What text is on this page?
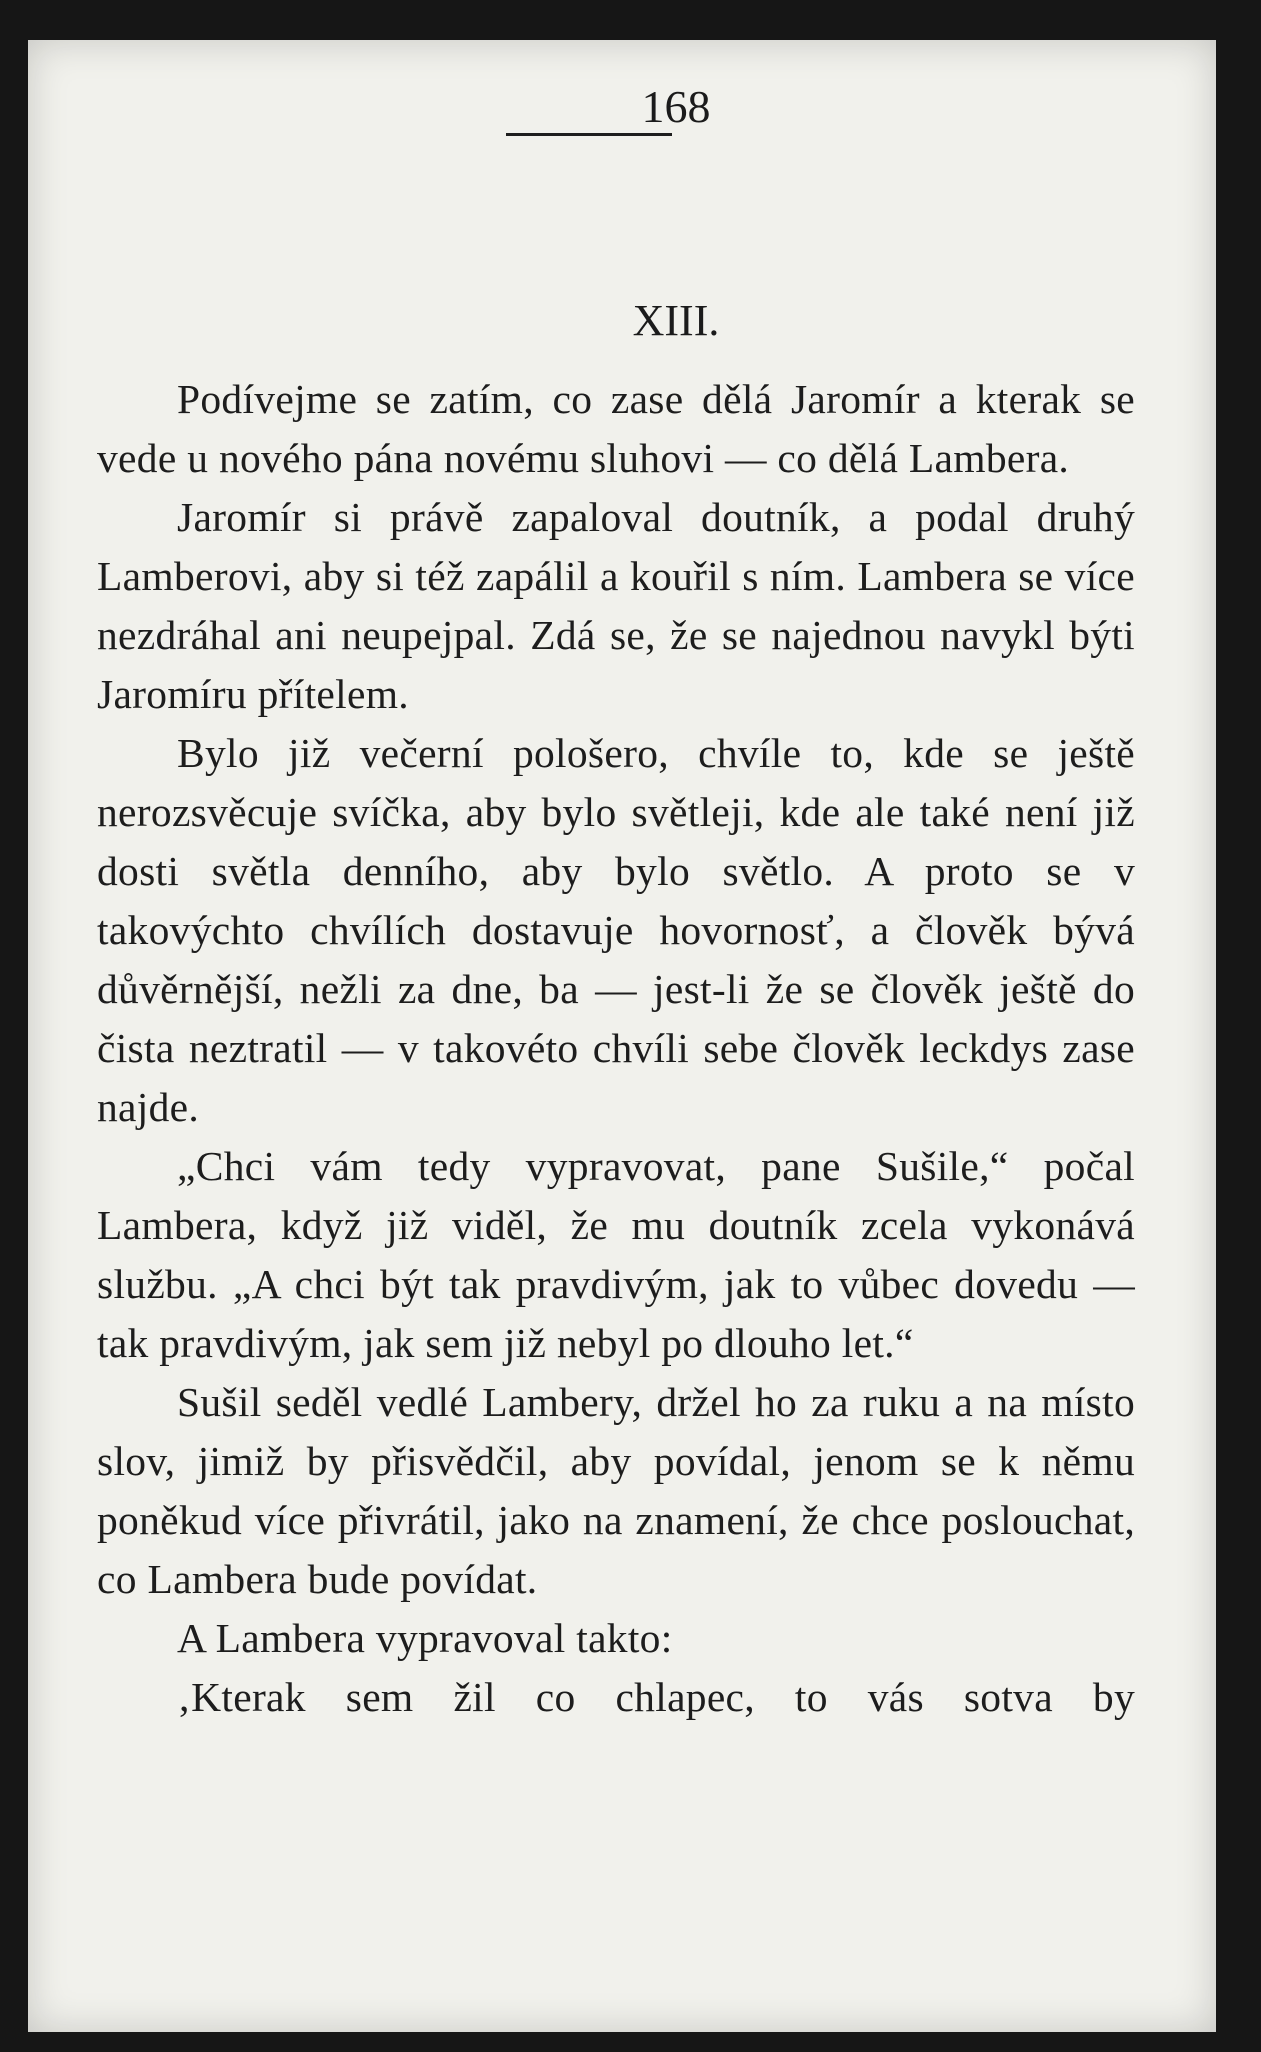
168
XIII.

Podívejme se zatím, co zase dělá Jaromír a kterak se vede u nového pána novému sluhovi — co dělá Lambera.

Jaromír si právě zapaloval doutník, a podal druhý Lamberovi, aby si též zapálil a kouřil s ním. Lambera se více nezdráhal ani neupejpal. Zdá se, že se najednou navykl býti Jaromíru přítelem.

Bylo již večerní pološero, chvíle to, kde se ještě nerozsvěcuje svíčka, aby bylo světleji, kde ale také není již dosti světla denního, aby bylo světlo. A proto se v takovýchto chvílích dostavuje hovornosť, a člověk bývá důvěrnější, nežli za dne, ba — jest-li že se člověk ještě do čista neztratil — v takovéto chvíli sebe člověk leckdys zase najde.

„Chci vám tedy vypravovat, pane Sušile,“ počal Lambera, když již viděl, že mu doutník zcela vykonává službu. „A chci být tak pravdivým, jak to vůbec dovedu — tak pravdivým, jak sem již nebyl po dlouho let.“

Sušil seděl vedlé Lambery, držel ho za ruku a na místo slov, jimiž by přisvědčil, aby povídal, jenom se k němu poněkud více přivrátil, jako na znamení, že chce poslouchat, co Lambera bude povídat.

A Lambera vypravoval takto:

‚Kterak sem žil co chlapec, to vás sotva by
